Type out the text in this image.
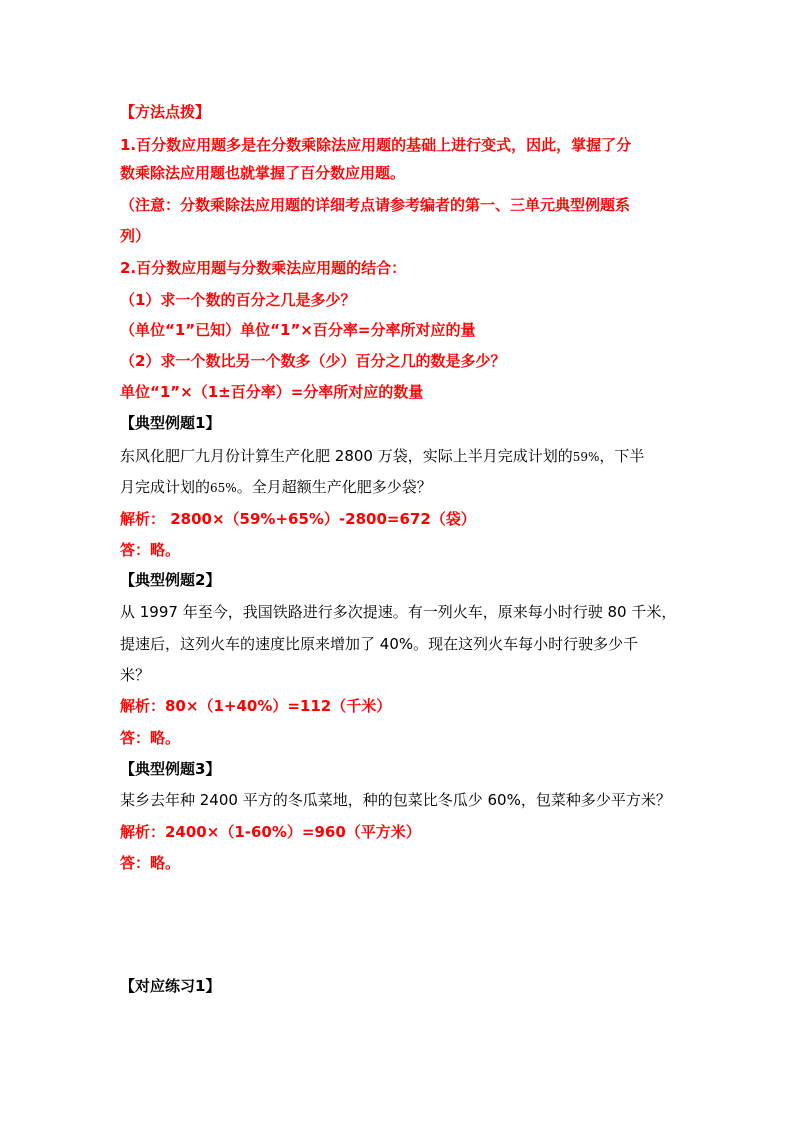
【方法点拨】
1.百分数应用题多是在分数乘除法应用题的基础上进行变式，因此，掌握了分
数乘除法应用题也就掌握了百分数应用题。
（注意：分数乘除法应用题的详细考点请参考编者的第一、三单元典型例题系
列）
2.百分数应用题与分数乘法应用题的结合：
（1）求一个数的百分之几是多少？
（单位“1”已知）单位“1”×百分率=分率所对应的量
（2）求一个数比另一个数多（少）百分之几的数是多少？
单位“1”×（1±百分率）=分率所对应的数量
【典型例题1】
东风化肥厂九月份计算生产化肥 2800 万袋，实际上半月完成计划的59%，下半
月完成计划的65%。全月超额生产化肥多少袋？
解析： 2800×（59%+65%）-2800=672（袋）
答：略。
【典型例题2】
从 1997 年至今，我国铁路进行多次提速。有一列火车，原来每小时行驶 80 千米，
提速后，这列火车的速度比原来增加了 40%。现在这列火车每小时行驶多少千
米？
解析：80×（1+40%）=112（千米）
答：略。
【典型例题3】
某乡去年种 2400 平方的冬瓜菜地，种的包菜比冬瓜少 60%，包菜种多少平方米？
解析：2400×（1-60%）=960（平方米）
答：略。
【对应练习1】
